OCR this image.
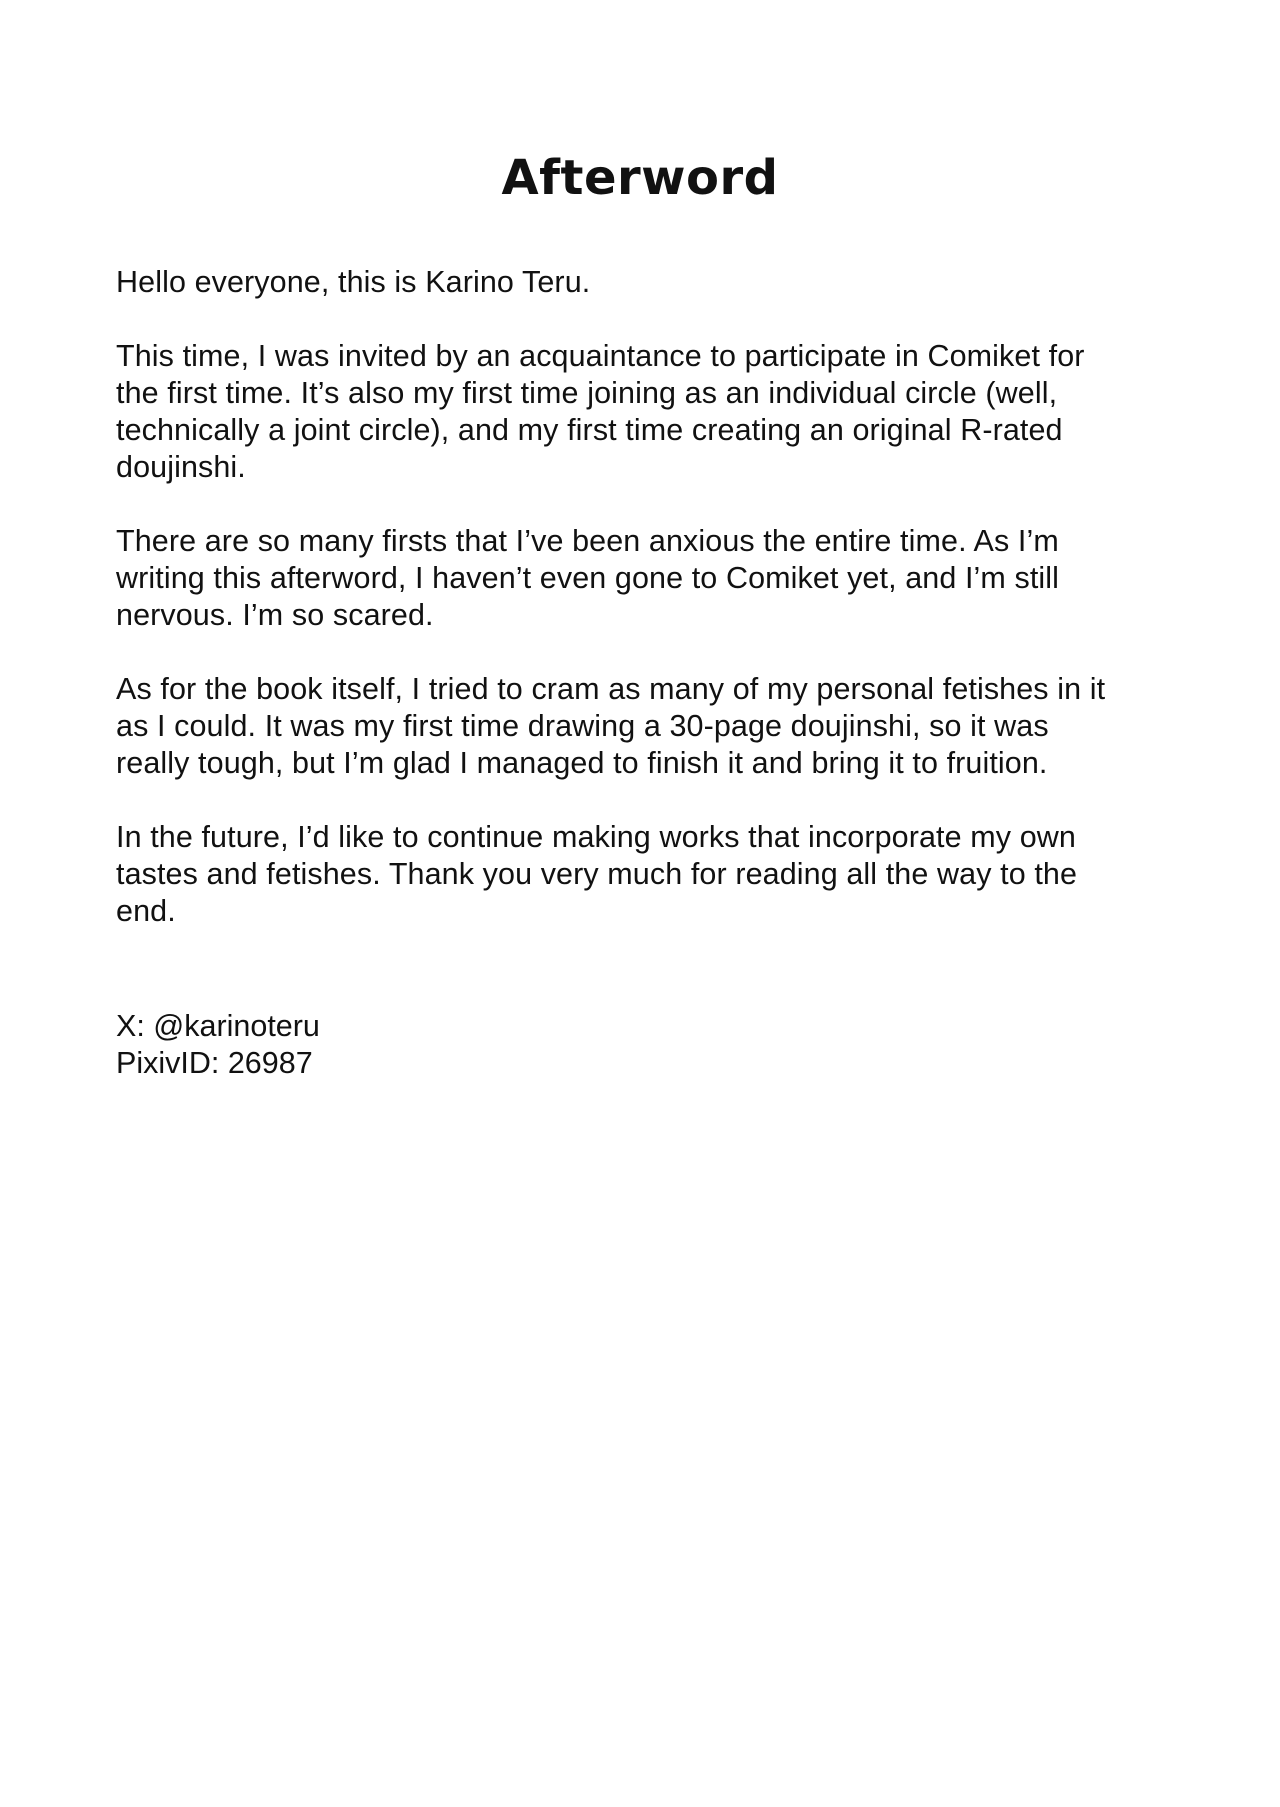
Afterword

Hello everyone, this is Karino Teru.

This time, I was invited by an acquaintance to participate in Comiket for
the first time. It’s also my first time joining as an individual circle (well,
technically a joint circle), and my first time creating an original R-rated
doujinshi.

There are so many firsts that I’ve been anxious the entire time. As I’m
writing this afterword, I haven’t even gone to Comiket yet, and I’m still
nervous. I’m so scared.

As for the book itself, I tried to cram as many of my personal fetishes in it
as I could. It was my first time drawing a 30-page doujinshi, so it was
really tough, but I’m glad I managed to finish it and bring it to fruition.

In the future, I’d like to continue making works that incorporate my own
tastes and fetishes. Thank you very much for reading all the way to the
end.

X: @karinoteru
PixivID: 26987
